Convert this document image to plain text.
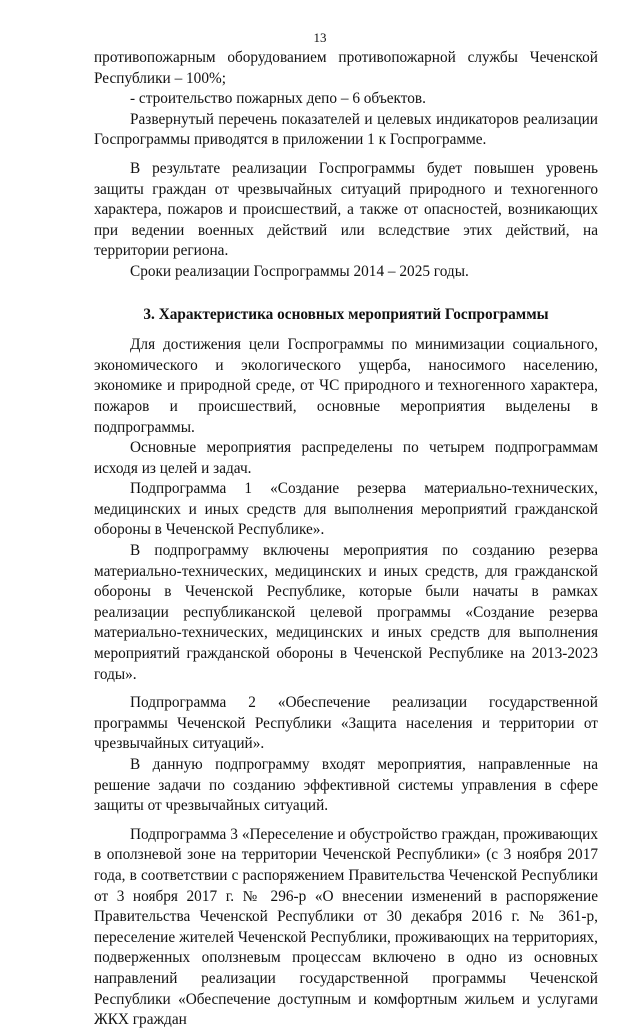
13

противопожарным оборудованием противопожарной службы Чеченской Республики – 100%;

- строительство пожарных депо – 6 объектов.

Развернутый перечень показателей и целевых индикаторов реализации Госпрограммы приводятся в приложении 1 к Госпрограмме.

В результате реализации Госпрограммы будет повышен уровень защиты граждан от чрезвычайных ситуаций природного и техногенного характера, пожаров и происшествий, а также от опасностей, возникающих при ведении военных действий или вследствие этих действий, на территории региона.

Сроки реализации Госпрограммы 2014 – 2025 годы.

3. Характеристика основных мероприятий Госпрограммы

Для достижения цели Госпрограммы по минимизации социального, экономического и экологического ущерба, наносимого населению, экономике и природной среде, от ЧС природного и техногенного характера, пожаров и происшествий, основные мероприятия выделены в подпрограммы.

Основные мероприятия распределены по четырем подпрограммам исходя из целей и задач.

Подпрограмма 1 «Создание резерва материально-технических, медицинских и иных средств для выполнения мероприятий гражданской обороны в Чеченской Республике».

В подпрограмму включены мероприятия по созданию резерва материально-технических, медицинских и иных средств, для гражданской обороны в Чеченской Республике, которые были начаты в рамках реализации республиканской целевой программы «Создание резерва материально-технических, медицинских и иных средств для выполнения мероприятий гражданской обороны в Чеченской Республике на 2013-2023 годы».

Подпрограмма 2 «Обеспечение реализации государственной программы Чеченской Республики «Защита населения и территории от чрезвычайных ситуаций».

В данную подпрограмму входят мероприятия, направленные на решение задачи по созданию эффективной системы управления в сфере защиты от чрезвычайных ситуаций.

Подпрограмма 3 «Переселение и обустройство граждан, проживающих в оползневой зоне на территории Чеченской Республики» (с 3 ноября 2017 года, в соответствии с распоряжением Правительства Чеченской Республики от 3 ноября 2017 г. № 296-р «О внесении изменений в распоряжение Правительства Чеченской Республики от 30 декабря 2016 г. № 361-р, переселение жителей Чеченской Республики, проживающих на территориях, подверженных оползневым процессам включено в одно из основных направлений реализации государственной программы Чеченской Республики «Обеспечение доступным и комфортным жильем и услугами ЖКХ граждан
